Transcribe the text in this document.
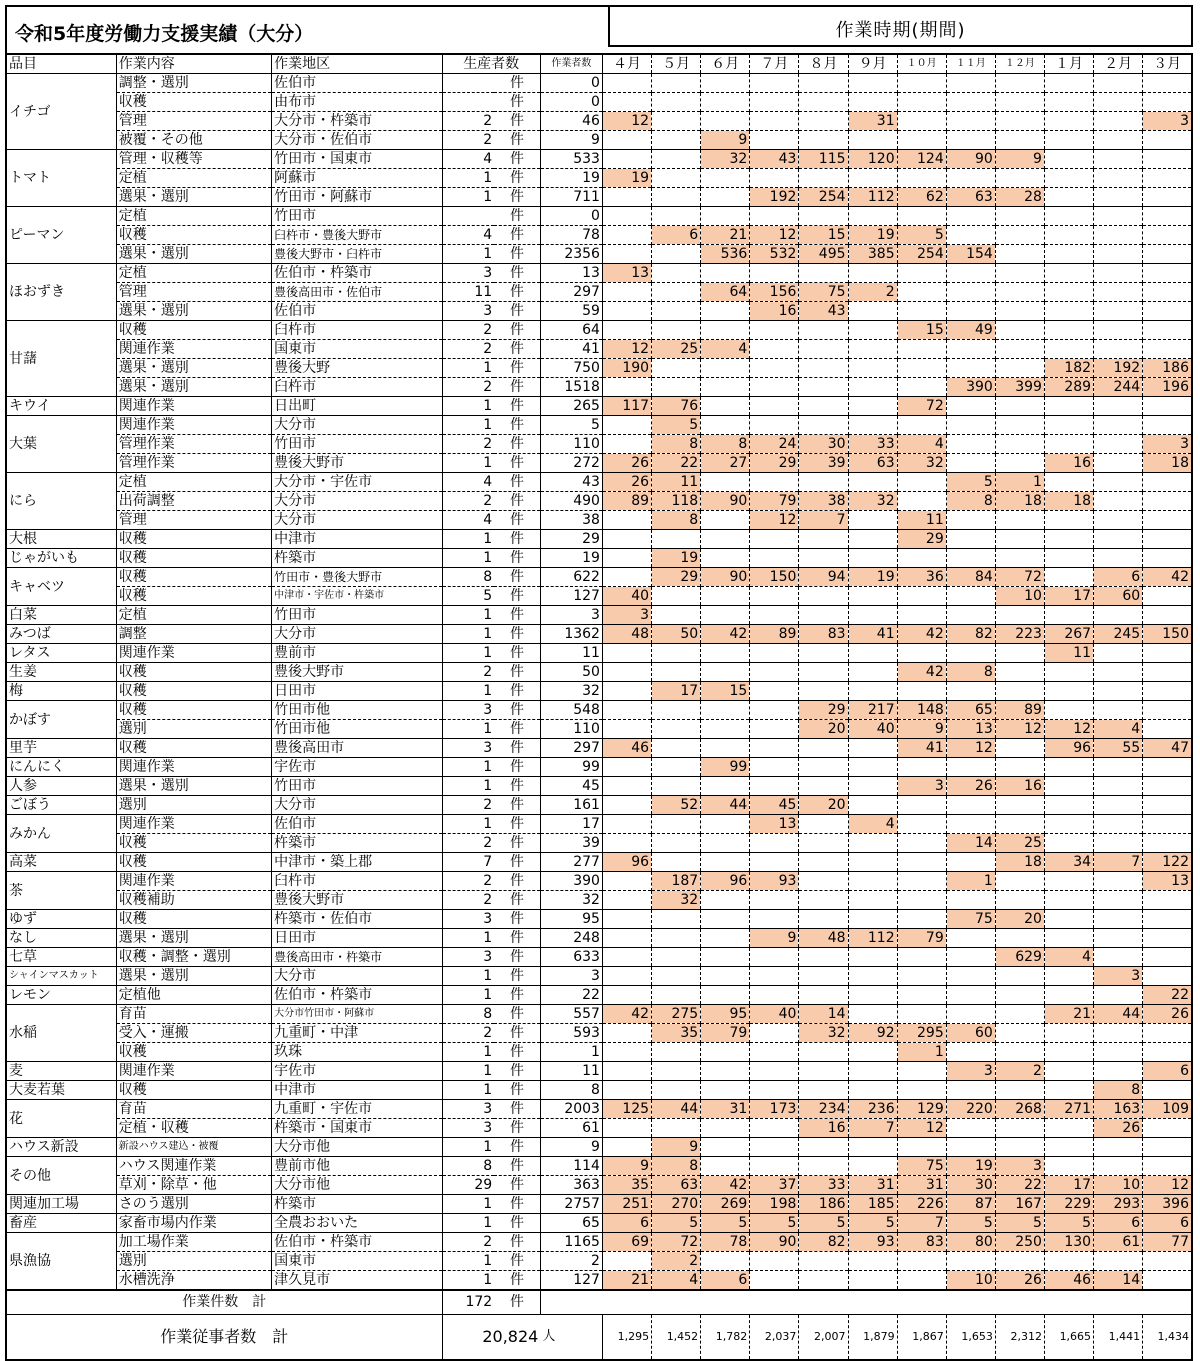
令和5年度労働力支援実績（大分）	作業時期(期間)
品目	作業内容	作業地区	生産者数		作業者数	４月	５月	６月	７月	８月	９月	１０月	１１月	１２月	１月	２月	３月
イチゴ	調整・選別	佐伯市		件	0												
	収穫	由布市		件	0												
	管理	大分市・杵築市	2	件	46	12					31						3
	被覆・その他	大分市・佐伯市	2	件	9			9									
トマト	管理・収穫等	竹田市・国東市	4	件	533			32	43	115	120	124	90	9			
	定植	阿蘇市	1	件	19	19											
	選果・選別	竹田市・阿蘇市	1	件	711				192	254	112	62	63	28			
ピーマン	定植	竹田市		件	0												
	収穫	臼杵市・豊後大野市	4	件	78		6	21	12	15	19	5					
	選果・選別	豊後大野市・臼杵市	1	件	2356			536	532	495	385	254	154				
ほおずき	定植	佐伯市・杵築市	3	件	13	13											
	管理	豊後高田市・佐伯市	11	件	297			64	156	75	2						
	選果・選別	佐伯市	3	件	59				16	43							
甘藷	収穫	臼杵市	2	件	64							15	49				
	関連作業	国東市	2	件	41	12	25	4									
	選果・選別	豊後大野	1	件	750	190									182	192	186
	選果・選別	臼杵市	2	件	1518								390	399	289	244	196
キウイ	関連作業	日出町	1	件	265	117	76					72					
大葉	関連作業	大分市	1	件	5		5										
	管理作業	竹田市	2	件	110		8	8	24	30	33	4					3
	管理作業	豊後大野市	1	件	272	26	22	27	29	39	63	32			16		18
にら	定植	大分市・宇佐市	4	件	43	26	11						5	1			
	出荷調整	大分市	2	件	490	89	118	90	79	38	32		8	18	18		
	管理	大分市	4	件	38		8		12	7		11					
大根	収穫	中津市	1	件	29							29					
じゃがいも	収穫	杵築市	1	件	19		19										
キャベツ	収穫	竹田市・豊後大野市	8	件	622		29	90	150	94	19	36	84	72		6	42
	収穫	中津市・宇佐市・杵築市	5	件	127	40								10	17	60	
白菜	定植	竹田市	1	件	3	3											
みつば	調整	大分市	1	件	1362	48	50	42	89	83	41	42	82	223	267	245	150
レタス	関連作業	豊前市	1	件	11										11		
生姜	収穫	豊後大野市	2	件	50							42	8				
梅	収穫	日田市	1	件	32		17	15									
かぼす	収穫	竹田市他	3	件	548					29	217	148	65	89			
	選別	竹田市他	1	件	110					20	40	9	13	12	12	4	
里芋	収穫	豊後高田市	3	件	297	46						41	12		96	55	47
にんにく	関連作業	宇佐市	1	件	99			99									
人参	選果・選別	竹田市	1	件	45							3	26	16			
ごぼう	選別	大分市	2	件	161		52	44	45	20							
みかん	関連作業	佐伯市	1	件	17				13		4						
	収穫	杵築市	2	件	39								14	25			
高菜	収穫	中津市・築上郡	7	件	277	96								18	34	7	122
茶	関連作業	臼杵市	2	件	390		187	96	93				1				13
	収穫補助	豊後大野市	2	件	32		32										
ゆず	収穫	杵築市・佐伯市	3	件	95								75	20			
なし	選果・選別	日田市	1	件	248				9	48	112	79					
七草	収穫・調整・選別	豊後高田市・杵築市	3	件	633									629	4		
シャインマスカット	選果・選別	大分市	1	件	3											3	
レモン	定植他	佐伯市・杵築市	1	件	22												22
水稲	育苗	大分市竹田市・阿蘇市	8	件	557	42	275	95	40	14					21	44	26
	受入・運搬	九重町・中津	2	件	593		35	79		32	92	295	60				
	収穫	玖珠	1	件	1							1					
麦	関連作業	宇佐市	1	件	11								3	2			6
大麦若葉	収穫	中津市	1	件	8											8	
花	育苗	九重町・宇佐市	3	件	2003	125	44	31	173	234	236	129	220	268	271	163	109
	定植・収穫	杵築市・国東市	3	件	61					16	7	12				26	
ハウス新設	新設ハウス建込・被覆	大分市他	1	件	9		9										
その他	ハウス関連作業	豊前市他	8	件	114	9	8					75	19	3			
	草刈・除草・他	大分市他	29	件	363	35	63	42	37	33	31	31	30	22	17	10	12
関連加工場	さのう選別	杵築市	1	件	2757	251	270	269	198	186	185	226	87	167	229	293	396
畜産	家畜市場内作業	全農おおいた	1	件	65	6	5	5	5	5	5	7	5	5	5	6	6
県漁協	加工場作業	佐伯市・杵築市	2	件	1165	69	72	78	90	82	93	83	80	250	130	61	77
	選別	国東市	1	件	2		2										
	水槽洗浄	津久見市	1	件	127	21	4	6					10	26	46	14	
作業件数　計			172	件													
作業従事者数　計			20,824		人	1,295	1,452	1,782	2,037	2,007	1,879	1,867	1,653	2,312	1,665	1,441	1,434
